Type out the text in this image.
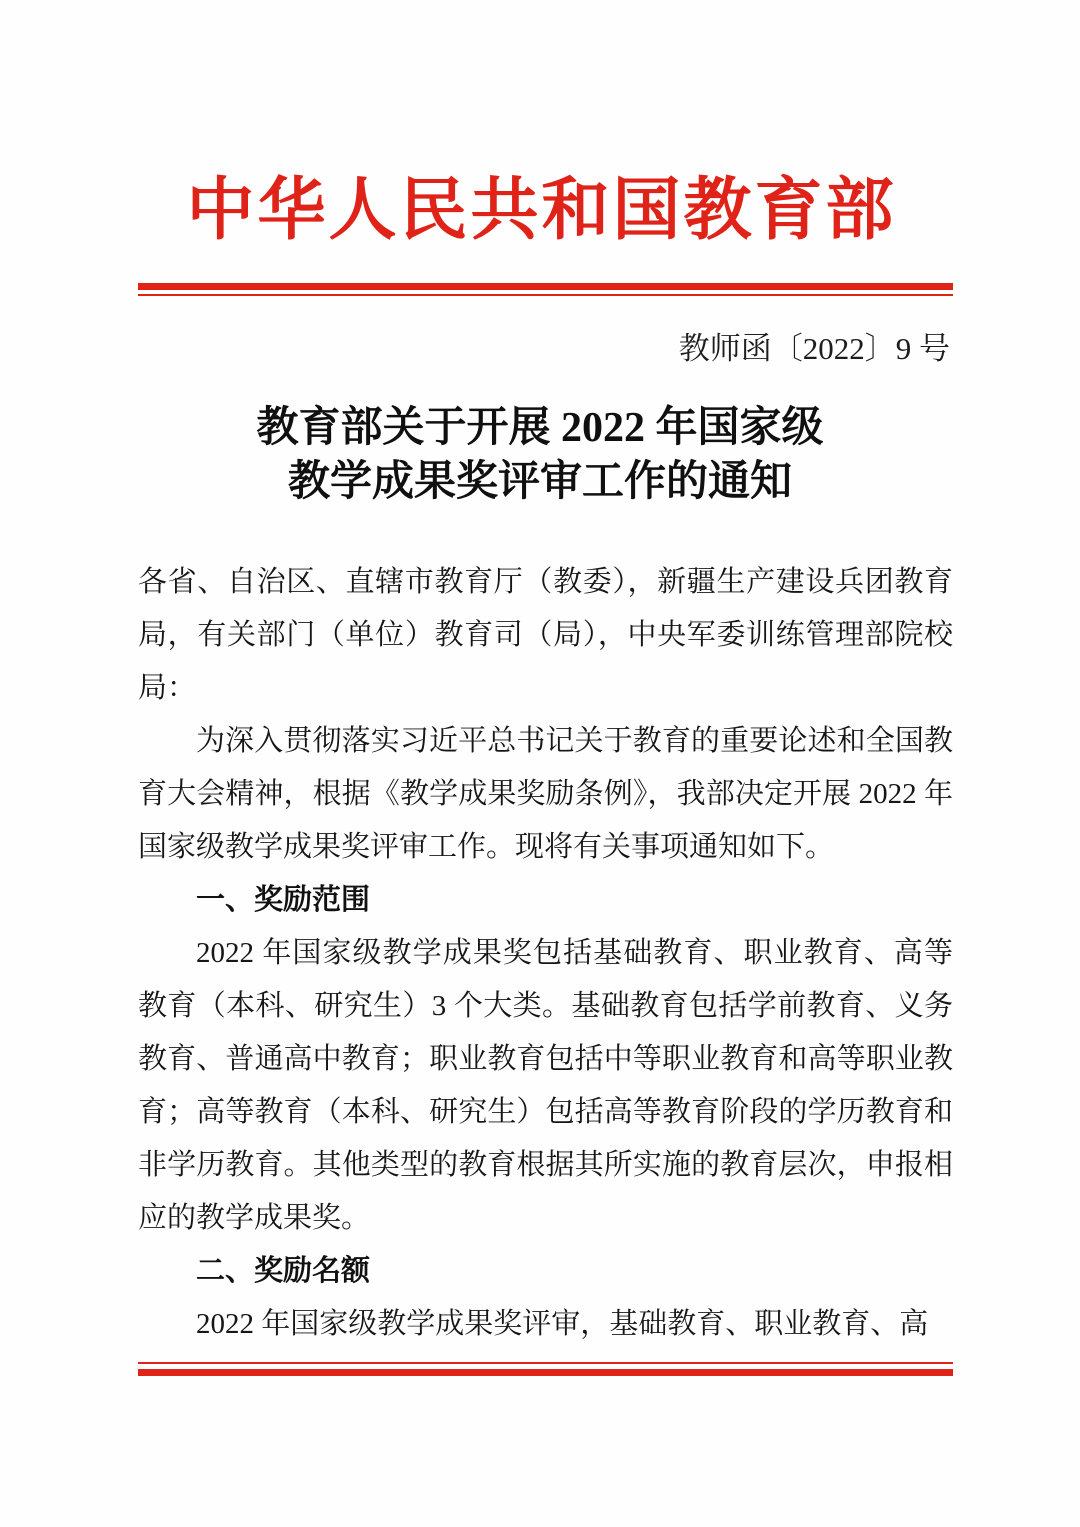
中华人民共和国教育部
教师函〔2022〕9 号
教育部关于开展 2022 年国家级
教学成果奖评审工作的通知

各省、自治区、直辖市教育厅（教委），新疆生产建设兵团教育局，有关部门（单位）教育司（局），中央军委训练管理部院校局：

为深入贯彻落实习近平总书记关于教育的重要论述和全国教育大会精神，根据《教学成果奖励条例》，我部决定开展 2022 年国家级教学成果奖评审工作。现将有关事项通知如下。

一、奖励范围

2022 年国家级教学成果奖包括基础教育、职业教育、高等教育（本科、研究生）3 个大类。基础教育包括学前教育、义务教育、普通高中教育；职业教育包括中等职业教育和高等职业教育；高等教育（本科、研究生）包括高等教育阶段的学历教育和非学历教育。其他类型的教育根据其所实施的教育层次，申报相应的教学成果奖。

二、奖励名额

2022 年国家级教学成果奖评审，基础教育、职业教育、高
